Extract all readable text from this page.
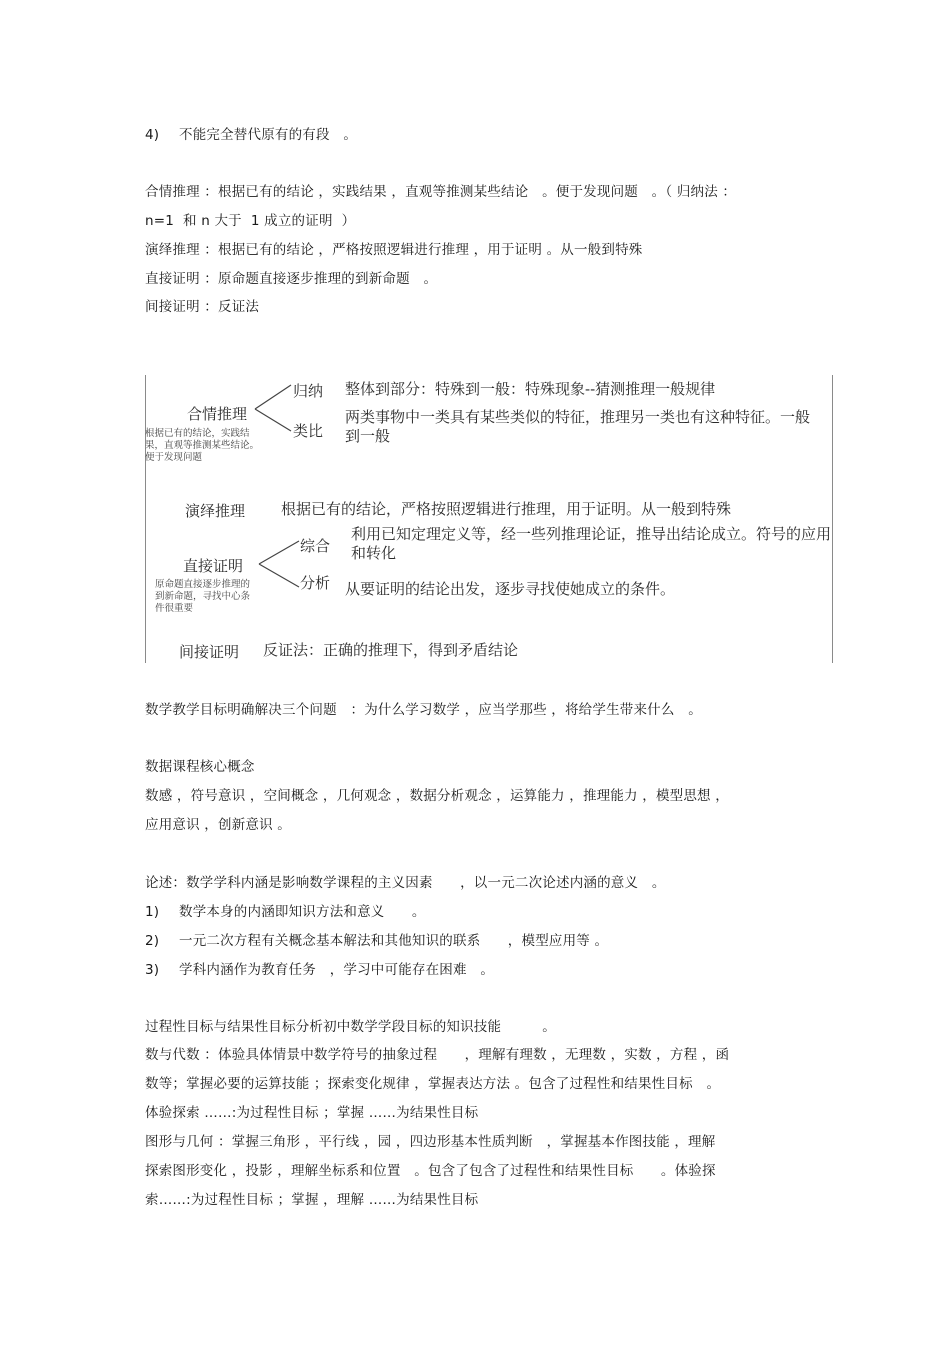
4) 不能完全替代原有的有段　。
合情推理 ：根据已有的结论 ，实践结果 ，直观等推测某些结论　。便于发现问题　。（ 归纳法 ：
n=1  和 n 大于  1 成立的证明  ）
演绎推理 ：根据已有的结论 ，严格按照逻辑进行推理 ，用于证明 。从一般到特殊
直接证明 ：原命题直接逐步推理的到新命题　。
间接证明 ：反证法
合情推理
根据已有的结论，实践结果，直观等推测某些结论。便于发现问题
归纳 整体到部分：特殊到一般：特殊现象--猜测推理一般规律
类比
两类事物中一类具有某些类似的特征，推理另一类也有这种特征。一般到一般
演绎推理 根据已有的结论，严格按照逻辑进行推理，用于证明。从一般到特殊
直接证明
原命题直接逐步推理的到新命题，寻找中心条件很重要
综合
利用已知定理定义等，经一些列推理论证，推导出结论成立。符号的应用和转化
分析 从要证明的结论出发，逐步寻找使她成立的条件。
间接证明 反证法：正确的推理下，得到矛盾结论
数学教学目标明确解决三个问题　：为什么学习数学 ，应当学那些 ，将给学生带来什么　。
数据课程核心概念
数感 ，符号意识 ，空间概念 ，几何观念 ，数据分析观念 ，运算能力 ，推理能力 ，模型思想 ，
应用意识 ，创新意识 。
论述：数学学科内涵是影响数学课程的主义因素　　，以一元二次论述内涵的意义　。
1) 数学本身的内涵即知识方法和意义　　。
2) 一元二次方程有关概念基本解法和其他知识的联系　　，模型应用等 。
3) 学科内涵作为教育任务　，学习中可能存在困难　。
过程性目标与结果性目标分析初中数学学段目标的知识技能　　　。
数与代数 ：体验具体情景中数学符号的抽象过程　　，理解有理数 ，无理数 ，实数 ，方程 ，函
数等；掌握必要的运算技能 ；探索变化规律 ，掌握表达方法 。包含了过程性和结果性目标　。
体验探索 ……:为过程性目标 ；掌握 ……为结果性目标
图形与几何 ：掌握三角形 ，平行线 ，园 ，四边形基本性质判断　，掌握基本作图技能 ，理解
探索图形变化 ，投影 ，理解坐标系和位置　。包含了包含了过程性和结果性目标　　。体验探
索……:为过程性目标 ；掌握 ，理解 ……为结果性目标
